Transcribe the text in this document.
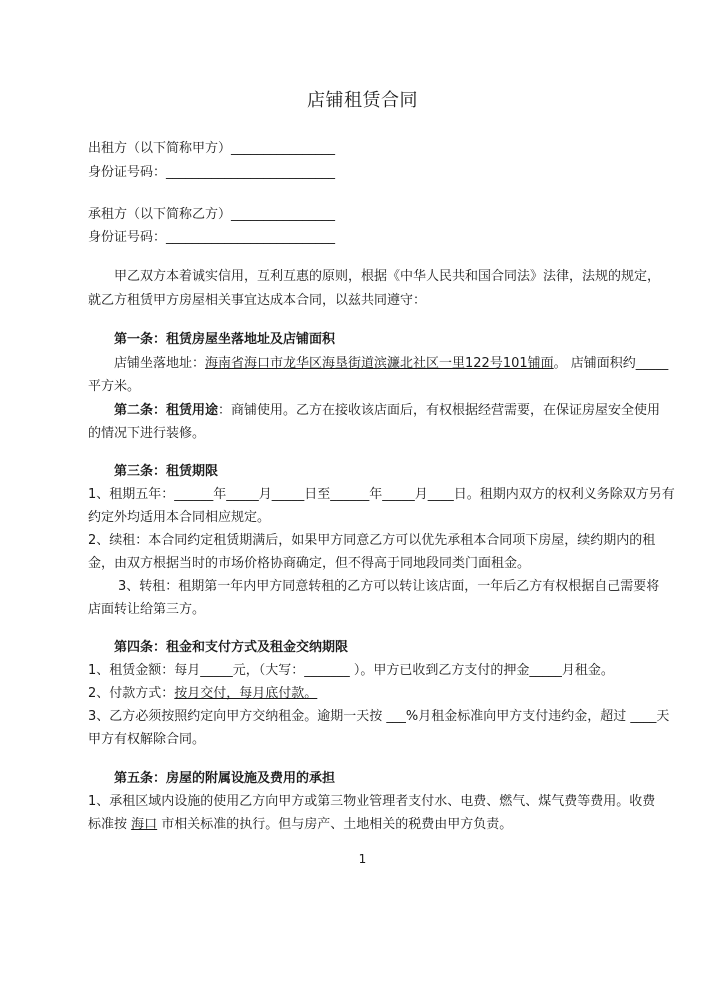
店铺租赁合同
出租方（以下简称甲方）________________
身份证号码：__________________________
承租方（以下简称乙方）________________
身份证号码：__________________________
甲乙双方本着诚实信用，互利互惠的原则，根据《中华人民共和国合同法》法律，法规的规定，
就乙方租赁甲方房屋相关事宜达成本合同，以兹共同遵守：
第一条：租赁房屋坐落地址及店铺面积
店铺坐落地址：海南省海口市龙华区海垦街道滨濂北社区一里122号101铺面。 店铺面积约_____
平方米。
第二条：租赁用途：商铺使用。乙方在接收该店面后，有权根据经营需要，在保证房屋安全使用
的情况下进行装修。
第三条：租赁期限
1、租期五年：______年_____月_____日至______年_____月____日。租期内双方的权利义务除双方另有
约定外均适用本合同相应规定。
2、续租：本合同约定租赁期满后，如果甲方同意乙方可以优先承租本合同项下房屋，续约期内的租
金，由双方根据当时的市场价格协商确定，但不得高于同地段同类门面租金。
3、转租：租期第一年内甲方同意转租的乙方可以转让该店面，一年后乙方有权根据自己需要将
店面转让给第三方。
第四条：租金和支付方式及租金交纳期限
1、租赁金额：每月_____元，（大写：_______ ）。甲方已收到乙方支付的押金_____月租金。
2、付款方式：按月交付，每月底付款。
3、乙方必须按照约定向甲方交纳租金。逾期一天按 ___%月租金标准向甲方支付违约金，超过 ____天
甲方有权解除合同。
第五条：房屋的附属设施及费用的承担
1、承租区域内设施的使用乙方向甲方或第三物业管理者支付水、电费、燃气、煤气费等费用。收费
标准按 海口 市相关标准的执行。但与房产、土地相关的税费由甲方负责。
1
